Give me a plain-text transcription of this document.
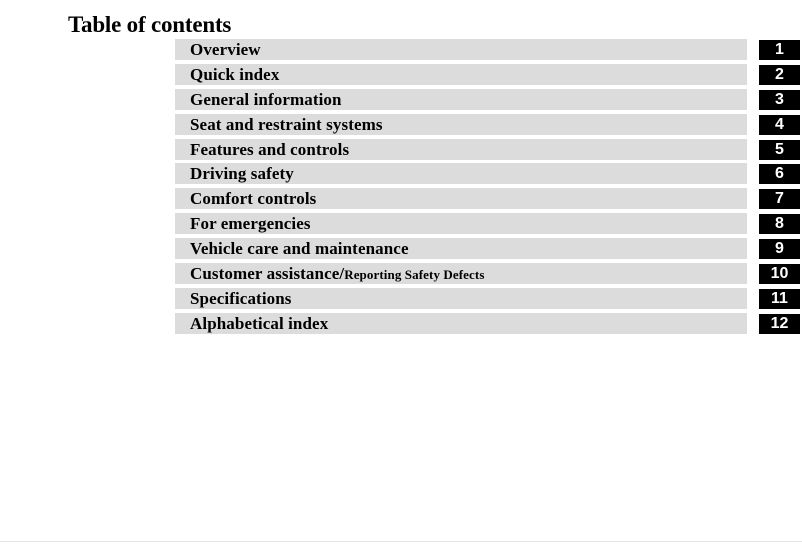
Table of contents
Overview	1
Quick index	2
General information	3
Seat and restraint systems	4
Features and controls	5
Driving safety	6
Comfort controls	7
For emergencies	8
Vehicle care and maintenance	9
Customer assistance/Reporting Safety Defects	10
Specifications	11
Alphabetical index	12
